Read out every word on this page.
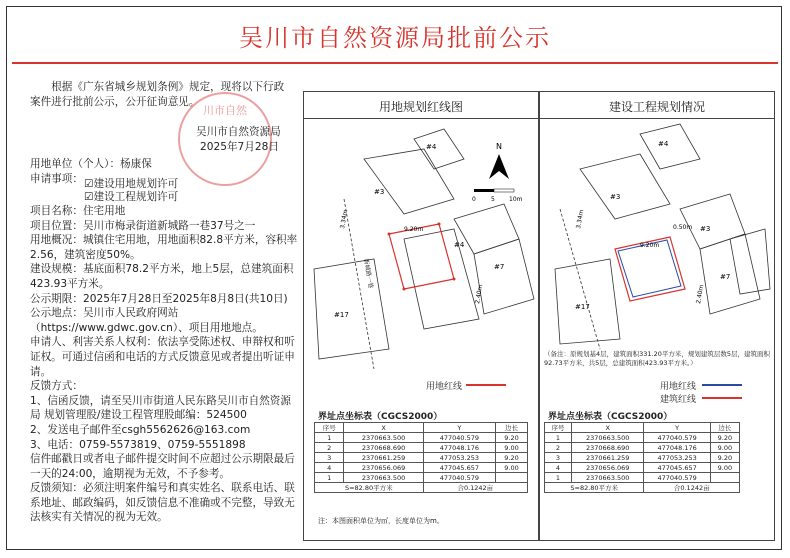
吴川市自然资源局批前公示

根据《广东省城乡规划条例》规定，现将以下行政案件进行批前公示，公开征询意见。

川市自然
吴川市自然资源局
2025年7月28日

用地单位（个人）：杨康保

申请事项： ☑建设用地规划许可
☑建设工程规划许可

项目名称：住宅用地

项目位置：吴川市梅录街道新城路一巷37号之一

用地概况：城镇住宅用地，用地面积82.8平方米，容积率2.56，建筑密度50%。

建设规模：基底面积78.2平方米，地上5层，总建筑面积423.93平方米。

公示期限：2025年7月28日至2025年8月8日(共10日)

公示地点：吴川市人民政府网站（https://www.gdwc.gov.cn）、项目用地地点。

申请人、利害关系人权利：依法享受陈述权、申辩权和听证权。可通过信函和电话的方式反馈意见或者提出听证申请。

反馈方式：

1、信函反馈，请至吴川市街道人民东路吴川市自然资源局 规划管理股/建设工程管理股邮编：524500

2、发送电子邮件至csgh5562626@163.com

3、电话：0759-5573819、0759-5551898

信件邮戳日或者电子邮件提交时间不应超过公示期限最后一天的24:00，逾期视为无效，不予参考。

反馈须知：必须注明案件编号和真实姓名、联系电话、联系地址、邮政编码，如反馈信息不准确或不完整，导致无法核实有关情况的视为无效。

用地规划红线图
N
0	5 10m
#3
#4
#4
#7
#17
新城路一巷
3.34m
2.40m
9.20m
用地红线
界址点坐标表（CGCS2000）
序号	X	Y	边长
1	2370663.500	477040.579	9.20
2	2370668.690	477048.176	9.00
3	2370661.259	477053.253	9.20
4	2370656.069	477045.657	9.00
1	2370663.500	477040.579	
S=82.80平方米		合0.1242亩	
注：本图面积单位为㎡，长度单位为m。
建设工程规划情况
#3
#4
#3
#7
#17
3.34m
9.20m
2.40m
0.50m
（备注：原规划基4层，建筑面积331.20平方米，规划建筑层数5层，建筑面积92.73平方米，共5层，总建筑面积423.93平方米。）
用地红线
建筑红线
界址点坐标表（CGCS2000）
序号	X	Y	边长
1	2370663.500	477040.579	9.20
2	2370668.690	477048.176	9.00
3	2370661.259	477053.253	9.20
4	2370656.069	477045.657	9.00
1	2370663.500	477040.579	
S=82.80平方米		合0.1242亩	
